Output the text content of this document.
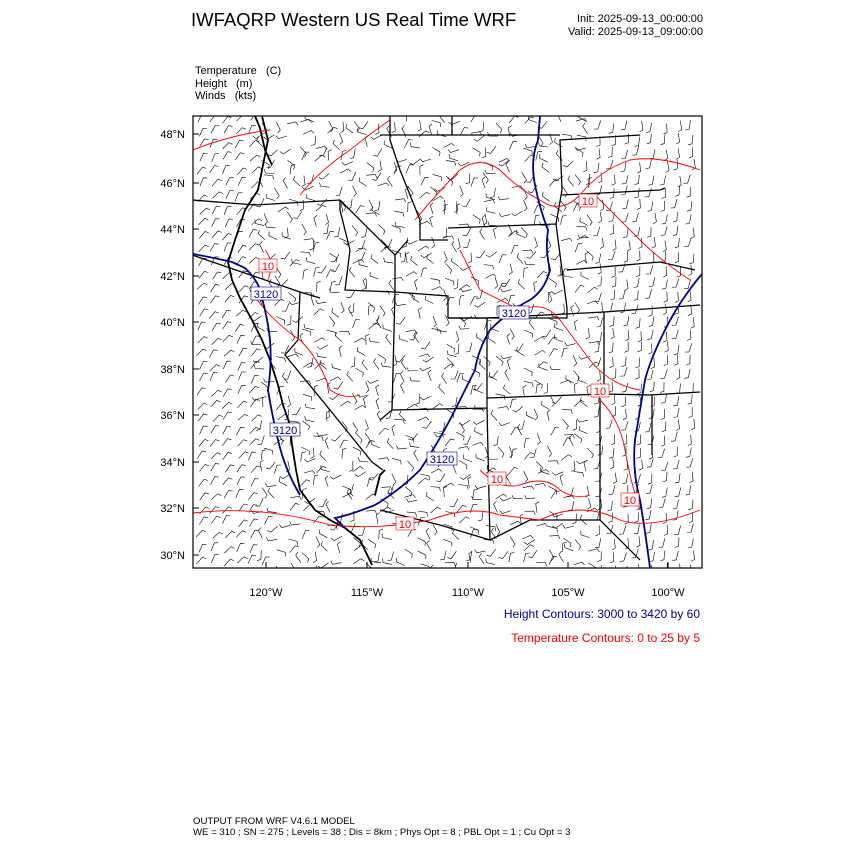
IWFAQRP Western US Real Time WRF	Init: 2025-09-13_00:00:00
Valid: 2025-09-13_09:00:00
Temperature (C)
Height (m)
Winds (kts)
48°N
46°N
44°N
42°N
40°N
38°N
36°N
34°N
32°N
30°N
120°W	115°W	110°W	105°W	100°W
3120
3120
3120
3120
10
10
10
10
10
10
Height Contours: 3000 to 3420 by 60
Temperature Contours: 0 to 25 by 5
OUTPUT FROM WRF V4.6.1 MODEL
WE = 310 ; SN = 275 ; Levels = 38 ; Dis = 8km ; Phys Opt = 8 ; PBL Opt = 1 ; Cu Opt = 3
